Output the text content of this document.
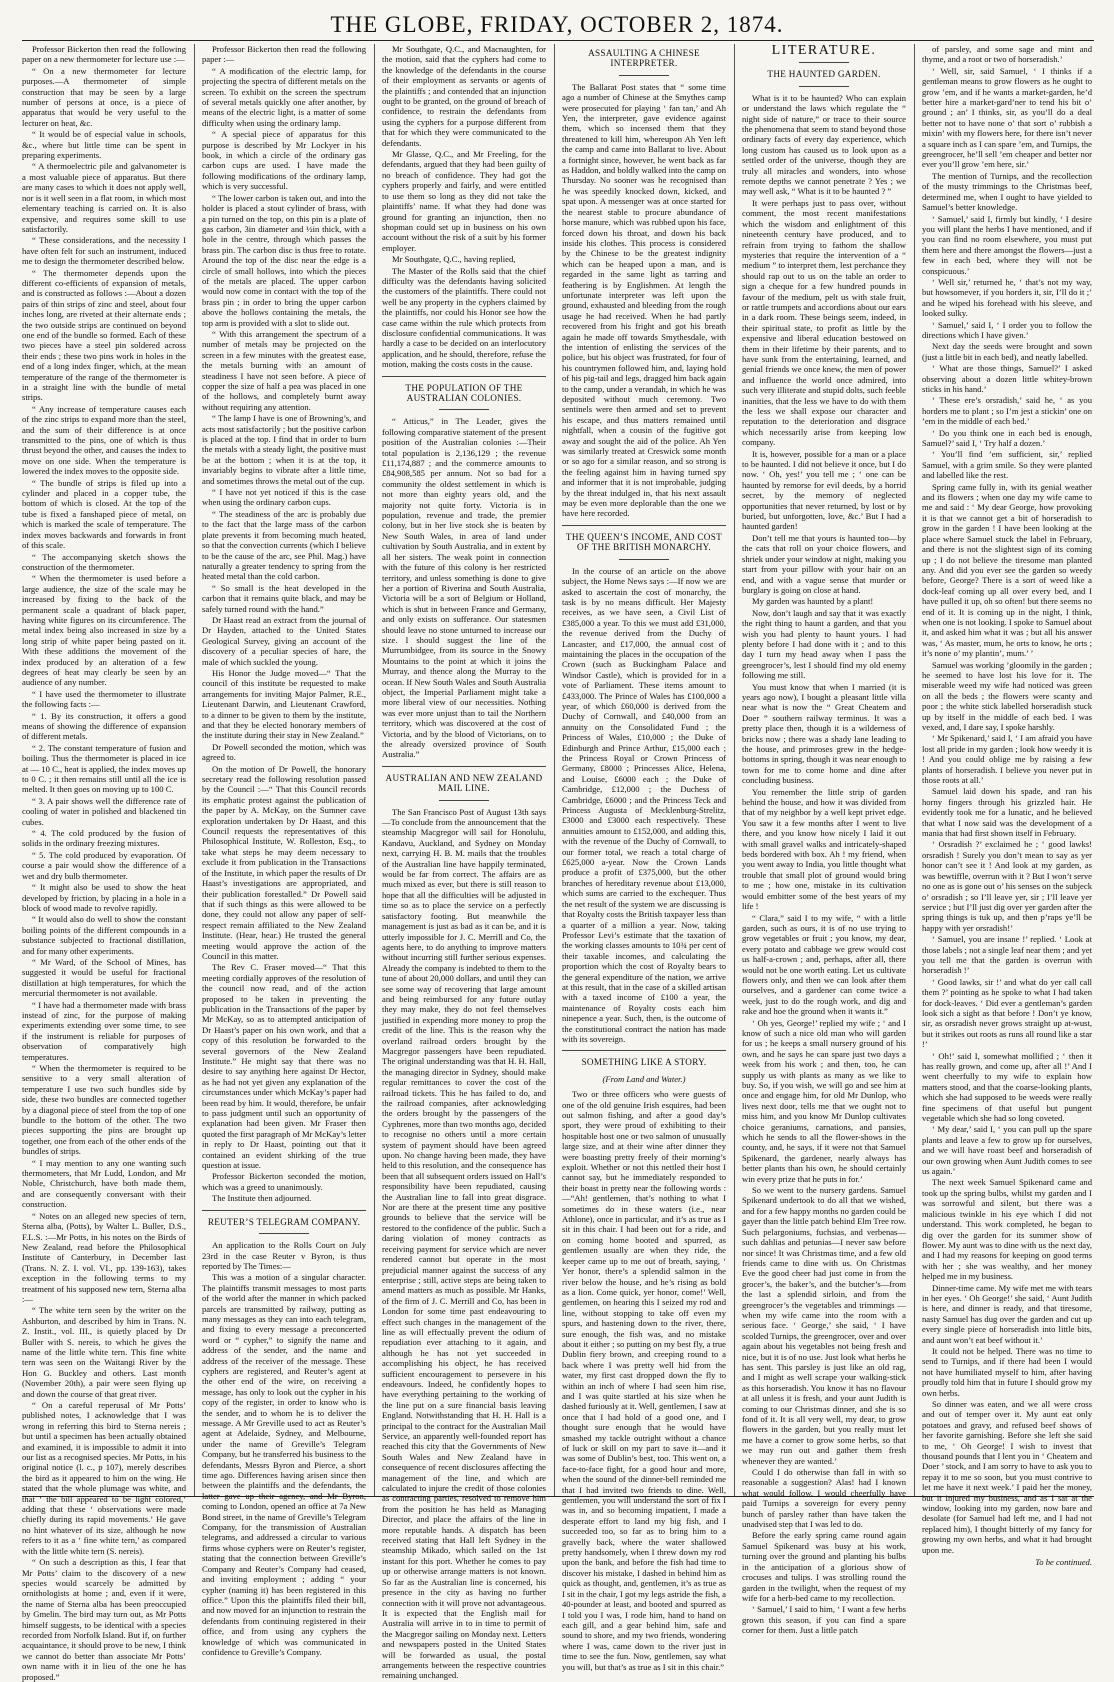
THE GLOBE, FRIDAY, OCTOBER 2, 1874.

Professor Bickerton then read the following paper on a new thermometer for lecture use :—

“ On a new thermometer for lecture purposes.—A thermometer of simple construction that may be seen by a large number of persons at once, is a piece of apparatus that would be very useful to the lecturer on heat, &c.

“ It would be of especial value in schools, &c., where but little time can be spent in preparing experiments.

“ A thermoelectric pile and galvanometer is a most valuable piece of apparatus. But there are many cases to which it does not apply well, nor is it well seen in a flat room, in which most elementary teaching is carried on. It is also expensive, and requires some skill to use satisfactorily.

“ These considerations, and the necessity I have often felt for such an instrument, induced me to design the thermometer described below.

“ The thermometer depends upon the different co-efficients of expansion of metals, and is constructed as follows :—About a dozen pairs of thin strips of zinc and steel, about four inches long, are riveted at their alternate ends ; the two outside strips are continued on beyond one end of the bundle so formed. Each of these two pieces have a steel pin soldered across their ends ; these two pins work in holes in the end of a long index finger, which, at the mean temperature of the range of the thermometer is in a straight line with the bundle of metal strips.

“ Any increase of temperature causes each of the zinc strips to expand more than the steel, and the sum of their difference is at once transmitted to the pins, one of which is thus thrust beyond the other, and causes the index to move on one side. When the temperature is lowered the index moves to the opposite side.

“ The bundle of strips is filed up into a cylinder and placed in a copper tube, the bottom of which is closed. At the top of the tube is fixed a fanshaped piece of metal, on which is marked the scale of temperature. The index moves backwards and forwards in front of this scale.

“ The accompanying sketch shows the construction of the thermometer.

“ When the thermometer is used before a large audience, the size of the scale may be increased by fixing to the back of the permanent scale a quadrant of black paper, having white figures on its circumference. The metal index being also increased in size by a long strip of white paper being pasted on it. With these additions the movement of the index produced by an alteration of a few degrees of heat may clearly be seen by an audience of any number.

“ I have used the thermometer to illustrate the following facts :—

“ 1. By its construction, it offers a good means of showing the difference of expansion of different metals.

“ 2. The constant temperature of fusion and boiling. Thus the thermometer is placed in ice at — 10 C., heat is applied, the index moves up to 0 C. ; it then remains still until all the ice is melted. It then goes on moving up to 100 C.

“ 3. A pair shows well the difference rate of cooling of water in polished and blackened tin cubes.

“ 4. The cold produced by the fusion of solids in the ordinary freezing mixtures.

“ 5. The cold produced by evaporation. Of course a pair would show the difference of a wet and dry bulb thermometer.

“ It might also be used to show the heat developed by friction, by placing in a hole in a block of wood made to revolve rapidly.

“ It would also do well to show the constant boiling points of the different compounds in a substance subjected to fractional distillation, and for many other experiments.

“ Mr Ward, of the School of Mines, has suggested it would be useful for fractional distillation at high temperatures, for which the mercurial thermometer is not available.

“ I have had a thermometer made with brass instead of zinc, for the purpose of making experiments extending over some time, to see if the instrument is reliable for purposes of observation of comparatively high temperatures.

“ When the thermometer is required to be sensitive to a very small alteration of temperature I use two such bundles side by side, these two bundles are connected together by a diagonal piece of steel from the top of one bundle to the bottom of the other. The two pieces supporting the pins are brought up together, one from each of the other ends of the bundles of strips.

“ I may mention to any one wanting such thermometers, that Mr Ludd, London, and Mr Noble, Christchurch, have both made them, and are consequently conversant with their construction.

“ Notes on an alleged new species of tern, Sterna alba, (Potts), by Walter L. Buller, D.S., F.L.S. :—Mr Potts, in his notes on the Birds of New Zealand, read before the Philosophical Institute of Canterbury, in December last (Trans. N. Z. I. vol. VI., pp. 139-163), takes exception in the following terms to my treatment of his supposed new tern, Sterna alba :—

“ The white tern seen by the writer on the Ashburton, and described by him in Trans. N. Z. Instit., vol. III., is quietly placed by Dr Buller with S. nereis, to which he gives the name of the little white tern. This fine white tern was seen on the Waitangi River by the Hon G. Buckley and others. Last month (November 20th), a pair were seen flying up and down the course of that great river.

“ On a careful reperusal of Mr Potts’ published notes, I acknowledge that I was wrong in referring this bird to Sterna nereis ; but until a specimen has been actually obtained and examined, it is impossible to admit it into our list as a recognised species. Mr Potts, in his original notice (l. c., p 107), merely describes the bird as it appeared to him on the wing. He stated that the whole plumage was white, and that ‘ the bill appeared to be light colored,’ adding that these ‘ observations were made chiefly during its rapid movements.’ He gave no hint whatever of its size, although he now refers to it as a ‘ fine white tern,’ as compared with the little white tern (S. nereis).

“ On such a description as this, I fear that Mr Potts’ claim to the discovery of a new species would scarcely be admitted by ornithologists at home ; and, even if it were, the name of Sterna alba has been preoccupied by Gmelin. The bird may turn out, as Mr Potts himself suggests, to be identical with a species recorded from Norfolk Island. But if, on further acquaintance, it should prove to be new, I think we cannot do better than associate Mr Potts’ own name with it in lieu of the one he has proposed.”

Professor Bickerton then read the following paper :—

“ A modification of the electric lamp, for projecting the spectra of different metals on the screen. To exhibit on the screen the spectrum of several metals quickly one after another, by means of the electric light, is a matter of some difficulty when using the ordinary lamp.

“ A special piece of apparatus for this purpose is described by Mr Lockyer in his book, in which a circle of the ordinary gas carbon cups are used. I have made the following modifications of the ordinary lamp, which is very successful.

“ The lower carbon is taken out, and into the holder is placed a stout cylinder of brass, with a pin turned on the top, on this pin is a plate of gas carbon, 3in diameter and ½in thick, with a hole in the centre, through which passes the brass pin. The carbon disc is thus free to rotate. Around the top of the disc near the edge is a circle of small hollows, into which the pieces of the metals are placed. The upper carbon would now come in contact with the top of the brass pin ; in order to bring the upper carbon above the hollows containing the metals, the top arm is provided with a slot to slide out.

“ With this arrangement the spectrum of a number of metals may be projected on the screen in a few minutes with the greatest ease, the metals burning with an amount of steadiness I have not seen before. A piece of copper the size of half a pea was placed in one of the hollows, and completely burnt away without requiring any attention.

“ The lamp I have is one of Browning’s, and acts most satisfactorily ; but the positive carbon is placed at the top. I find that in order to burn the metals with a steady light, the positive must be at the bottom ; when it is at the top, it invariably begins to vibrate after a little time, and sometimes throws the metal out of the cup.

“ I have not yet noticed if this is the case when using the ordinary carbon cups.

“ The steadiness of the arc is probably due to the fact that the large mass of the carbon plate prevents it from becoming much heated, so that the convection currents (which I believe to be the cause of the arc, see Phil. Mag.) have naturally a greater tendency to spring from the heated metal than the cold carbon.

“ So small is the heat developed in the carbon that it remains quite black, and may be safely turned round with the hand.”

Dr Haast read an extract from the journal of Dr Hayden, attached to the United States Geological Survey, giving an account of the discovery of a peculiar species of hare, the male of which suckled the young.

His Honor the Judge moved—“ That the council of this institute be requested to make arrangements for inviting Major Palmer, R.E., Lieutenant Darwin, and Lieutenant Crawford, to a dinner to be given to them by the institute, and that they be elected honorary members of the institute during their stay in New Zealand.”

Dr Powell seconded the motion, which was agreed to.

On the motion of Dr Powell, the honorary secretary read the following resolution passed by the Council :—“ That this Council records its emphatic protest against the publication of the paper by A. McKay, on the Sumner cave exploration undertaken by Dr Haast, and this Council requests the representatives of this Philosophical Institute, W. Rolleston, Esq., to take what steps he may deem necessary to exclude it from publication in the Transactions of the Institute, in which paper the results of Dr Haast’s investigations are appropriated, and their publication forestalled.” Dr Powell said that if such things as this were allowed to be done, they could not allow any paper of self-respect remain affiliated to the New Zealand Institute. (Hear, hear.) He trusted the general meeting would approve the action of the Council in this matter.

The Rev C. Fraser moved—“ That this meeting cordially approves of the resolution of the council now read, and of the action proposed to be taken in preventing the publication in the Transactions of the paper by Mr McKay, so as to attempted anticipation of Dr Haast’s paper on his own work, and that a copy of this resolution be forwarded to the several governors of the New Zealand Institute.” He might say that there was no desire to say anything here against Dr Hector, as he had not yet given any explanation of the circumstances under which McKay’s paper had been read by him. It would, therefore, be unfair to pass judgment until such an opportunity of explanation had been given. Mr Fraser then quoted the first paragraph of Mr McKay’s letter in reply to Dr Haast, pointing out that it contained an evident shirking of the true question at issue.

Professor Bickerton seconded the motion, which was a greed to unanimously.

The Institute then adjourned.

REUTER’S TELEGRAM COMPANY.

An application to the Rolls Court on July 23rd in the case Reuter v Byron, is thus reported by The Times:—

This was a motion of a singular character. The plaintiffs transmit messages to most parts of the world after the manner in which packed parcels are transmitted by railway, putting as many messages as they can into each telegram, and fixing to every message a preconcerted word or “ cypher,” to signify the name and address of the sender, and the name and address of the receiver of the message. These cyphers are registered, and Reuter’s agent at the other end of the wire, on receiving a message, has only to look out the cypher in his copy of the register, in order to know who is the sender, and to whom he is to deliver the message. A Mr Greville used to act as Reuter’s agent at Adelaide, Sydney, and Melbourne, under the name of Greville’s Telegram Company, but he transferred his business to the defendants, Messrs Byron and Pierce, a short time ago. Differences having arisen since then between the plaintiffs and the defendants, the latter gave up their agency, and Mr Byron, coming to London, opened an office at 7a New Bond street, in the name of Greville’s Telegram Company, for the transmission of Australian telegrams, and addressed a circular to various firms whose cyphers were on Reuter’s register, stating that the connection between Greville’s Company and Reuter’s Company had ceased, and inviting employment ; adding “ your cypher (naming it) has been registered in this office.” Upon this the plaintiffs filed their bill, and now moved for an injunction to restrain the defendants from continuing registered in their office, and from using any cyphers the knowledge of which was communicated in confidence to Greville’s Company.

Mr Southgate, Q.C., and Macnaughten, for the motion, said that the cyphers had come to the knowledge of the defendants in the course of their employment as servants or agents of the plaintiffs ; and contended that an injunction ought to be granted, on the ground of breach of confidence, to restrain the defendants from using the cyphers for a purpose different from that for which they were communicated to the defendants.

Mr Glasse, Q.C., and Mr Freeling, for the defendants, argued that they had been guilty of no breach of confidence. They had got the cyphers properly and fairly, and were entitled to use them so long as they did not take the plaintiffs’ name. If what they had done was ground for granting an injunction, then no shopman could set up in business on his own account without the risk of a suit by his former employer.

Mr Southgate, Q.C., having replied,

The Master of the Rolls said that the chief difficulty was the defendants having solicited the customers of the plaintiffs. There could not well be any property in the cyphers claimed by the plaintiffs, nor could his Honor see how the case came within the rule which protects from disclosure confidential communications. It was hardly a case to be decided on an interlocutory application, and he should, therefore, refuse the motion, making the costs costs in the cause.

THE POPULATION OF THE AUSTRALIAN COLONIES.

“ Atticus,” in The Leader, gives the following comparative statement of the present position of the Australian colonies :—Their total population is 2,136,129 ; the revenue £11,174,887 ; and the commerce amounts to £84,908,585 per annum. Not so bad for a community the oldest settlement in which is not more than eighty years old, and the majority not quite forty. Victoria is in population, revenue and trade, the premier colony, but in her live stock she is beaten by New South Wales, in area of land under cultivation by South Australia, and in extent by all her sisters. The weak point in connection with the future of this colony is her restricted territory, and unless something is done to give her a portion of Riverina and South Australia, Victoria will be a sort of Belgium or Holland, which is shut in between France and Germany, and only exists on sufferance. Our statesmen should leave no stone unturned to increase our size. I should suggest the line of the Murrumbidgee, from its source in the Snowy Mountains to the point at which it joins the Murray, and thence along the Murray to the ocean. If New South Wales and South Australia object, the Imperial Parliament might take a more liberal view of our necessities. Nothing was ever more unjust than to tail the Northern territory, which was discovered at the cost of Victoria, and by the blood of Victorians, on to the already oversized province of South Australia.”

AUSTRALIAN AND NEW ZEALAND MAIL LINE.

The San Francisco Post of August 13th says—To conclude from the announcement that the steamship Macgregor will sail for Honolulu, Kandavu, Auckland, and Sydney on Monday next, carrying H. B. M. mails that the troubles of the Australian line have happily terminated, would be far from correct. The affairs are as much mixed as ever, but there is still reason to hope that all the difficulties will be adjusted in time so as to place the service on a perfectly satisfactory footing. But meanwhile the management is just as bad as it can be, and it is utterly impossible for J. C. Merrill and Co, the agents here, to do anything to improve matters without incurring still further serious expenses. Already the company is indebted to them to the tune of about 20,000 dollars, and until they can see some way of recovering that large amount and being reimbursed for any future outlay they may make, they do not feel themselves justified in expending more money to prop the credit of the line. This is the reason why the overland railroad orders brought by the Macgregor passengers have been repudiated. The original understanding was that H. H. Hall, the managing director in Sydney, should make regular remittances to cover the cost of the railroad tickets. This he has failed to do, and the railroad companies, after acknowledging the orders brought by the passengers of the Cyphrenes, more than two months ago, decided to recognise no others until a more certain system of payment should have been agreed upon. No change having been made, they have held to this resolution, and the consequence has been that all subsequent orders issued on Hall’s responsibility have been repudiated, causing the Australian line to fall into great disgrace. Nor are there at the present time any positive grounds to believe that the service will be restored to the confidence of the public. Such a daring violation of money contracts as receiving payment for service which are never rendered cannot but operate in the most prejudicial manner against the success of any enterprise ; still, active steps are being taken to amend matters as much as possible. Mr Hanks, of the firm of J. C. Merrill and Co, has been in London for some time past endeavouring to effect such changes in the management of the line as will effectually prevent the odium of repudiation ever attaching to it again, and although he has not yet succeeded in accomplishing his object, he has received sufficient encouragement to persevere in his endeavours. Indeed, he confidently hopes to have everything pertaining to the working of the line put on a sure financial basis leaving England. Notwithstanding that H. H. Hall is a principal to the contract for the Australian Mail Service, an apparently well-founded report has reached this city that the Governments of New South Wales and New Zealand have in consequence of recent disclosures affecting the management of the line, and which are calculated to injure the credit of those colonies as contracting parties, resolved to remove him from the position he has held as Managing Director, and place the affairs of the line in more reputable hands. A dispatch has been received stating that Hall left Sydney in the steamship Mikado, which sailed on the 1st instant for this port. Whether he comes to pay up or otherwise arrange matters is not known. So far as the Australian line is concerned, his presence in the city as having no further connection with it will prove not advantageous. It is expected that the English mail for Australia will arrive in to in time to permit of the Macgregor sailing on Monday next. Letters and newspapers posted in the United States will be forwarded as usual, the postal arrangements between the respective countries remaining unchanged.

ASSAULTING A CHINESE INTERPRETER.

The Ballarat Post states that “ some time ago a number of Chinese at the Smythes camp were prosecuted for playing ‘ fan tan,’ and Ah Yen, the interpreter, gave evidence against them, which so incensed them that they threatened to kill him, whereupon Ah Yen left the camp and came into Ballarat to live. About a fortnight since, however, he went back as far as Haddon, and boldly walked into the camp on Thursday. No sooner was he recognised than he was speedily knocked down, kicked, and spat upon. A messenger was at once started for the nearest stable to procure abundance of horse manure, which was rubbed upon his face, forced down his throat, and down his back inside his clothes. This process is considered by the Chinese to be the greatest indignity which can be heaped upon a man, and is regarded in the same light as tarring and feathering is by Englishmen. At length the unfortunate interpreter was left upon the ground, exhausted and bleeding from the rough usage he had received. When he had partly recovered from his fright and got his breath again he made off towards Smythesdale, with the intention of enlisting the services of the police, but his object was frustrated, for four of his countrymen followed him, and, laying hold of his pig-tail and legs, dragged him back again to the camp, under a verandah, in which he was deposited without much ceremony. Two sentinels were then armed and set to prevent his escape, and thus matters remained until nightfall, when a cousin of the fugitive got away and sought the aid of the police. Ah Yen was similarly treated at Creswick some month or so ago for a similar reason, and so strong is the feeling against him in having turned spy and informer that it is not improbable, judging by the threat indulged in, that his next assault may be even more deplorable than the one we have here recorded.

THE QUEEN’S INCOME, AND COST OF THE BRITISH MONARCHY.

In the course of an article on the above subject, the Home News says :—If now we are asked to ascertain the cost of monarchy, the task is by no means difficult. Her Majesty receives, as we have seen, a Civil List of £385,000 a year. To this we must add £31,000, the revenue derived from the Duchy of Lancaster, and £17,000, the annual cost of maintaining the places in the occupation of the Crown (such as Buckingham Palace and Windsor Castle), which is provided for in a vote of Parliament. These items amount to £433,000. The Prince of Wales has £100,000 a year, of which £60,000 is derived from the Duchy of Cornwall, and £40,000 from an annuity on the Consolidated Fund ; the Princess of Wales, £10,000 ; the Duke of Edinburgh and Prince Arthur, £15,000 each ; the Princess Royal or Crown Princess of Germany, £8000 ; Princesses Alice, Helena, and Louise, £6000 each ; the Duke of Cambridge, £12,000 ; the Duchess of Cambridge, £6000 ; and the Princess Teck and Princess Augusta of Mecklenburg-Strelitz, £3000 and £3000 each respectively. These annuities amount to £152,000, and adding this, with the revenue of the Duchy of Cornwall, to our former total, we reach a total charge of £625,000 a-year. Now the Crown Lands produce a profit of £375,000, but the other branches of hereditary revenue about £13,000, which sums are carried to the exchequer. Thus the net result of the system we are discussing is that Royalty costs the British taxpayer less than a quarter of a million a year. Now, taking Professor Levi’s estimate that the taxation of the working classes amounts to 10¾ per cent of their taxable incomes, and calculating the proportion which the cost of Royalty bears to the general expenditure of the nation, we arrive at this result, that in the case of a skilled artisan with a taxed income of £100 a year, the maintenance of Royalty costs each him ninepence a year. Such, then, is the outcome of the constitutional contract the nation has made with its sovereign.

SOMETHING LIKE A STORY.
(From Land and Water.)

Two or three officers who were guests of one of the old genuine Irish esquires, had been out salmon fishing, and after a good day’s sport, they were proud of exhibiting to their hospitable host one or two salmon of unusually large size, and at their wine after dinner they were boasting pretty freely of their morning’s exploit. Whether or not this nettled their host I cannot say, but he immediately responded to their boast in pretty near the following words :—“Ah! gentlemen, that’s nothing to what I sometimes do in these waters (i.e., near Athlone), once in particular, and it’s as true as I sit in this chair. I had been out for a ride, and on coming home booted and spurred, as gentlemen usually are when they ride, the keeper came up to me out of breath, saying, ‘ Yer honor, there’s a splendid salmon in the river below the house, and he’s rising as bold as a lion. Come quick, yer honor, come!’ Well, gentlemen, on hearing this I seized my rod and line, without stopping to take off even my spurs, and hastening down to the river, there, sure enough, the fish was, and no mistake about it either ; so putting on my best fly, a true Dublin fiery brown, and creeping round to a back where I was pretty well hid from the water, my first cast dropped down the fly to within an inch of where I had seen him rise, and I was quite startled at his size when he dashed furiously at it. Well, gentlemen, I saw at once that I had hold of a good one, and I thought sure enough that he would have smashed my tackle outright without a chance of luck or skill on my part to save it—and it was some of Dublin’s best, too. This went on, a face-to-face fight, for a good hour and more, when the sound of the dinner-bell reminded me that I had invited two friends to dine. Well, gentlemen, you will understand the sort of fix I was in, and so becoming impatient, I made a desperate effort to land my big fish, and I succeeded too, so far as to bring him to a gravelly back, where the water shallowed pretty handsomely, when I threw down my rod upon the bank, and before the fish had time to discover his mistake, I dashed in behind him as quick as thought, and, gentlemen, it’s as true as I sit in the chair, I got my legs astride the fish, a 40-pounder at least, and booted and spurred as I told you I was, I rode him, hand to hand on each gill, and a gear behind him, safe and sound to shore, and my two friends, wondering where I was, came down to the river just in time to see the fun. Now, gentlemen, say what you will, but that’s as true as I sit in this chair.”

LITERATURE.
THE HAUNTED GARDEN.

What is it to be haunted? Who can explain or understand the laws which regulate the “ night side of nature,” or trace to their source the phenomena that seem to stand beyond those ordinary facts of every day experience, which long custom has caused us to look upon as a settled order of the universe, though they are truly all miracles and wonders, into whose remote depths we cannot penetrate ? Yes ; we may well ask, “ What is it to be haunted ? ”

It were perhaps just to pass over, without comment, the most recent manifestations which the wisdom and enlightment of this nineteenth century have produced, and to refrain from trying to fathom the shallow mysteries that require the intervention of a “ medium ” to interpret them, lest perchance they should rap out to us on the table an order to sign a cheque for a few hundred pounds in favour of the medium, pelt us with stale fruit, or rattle trumpets and accordions about our ears in a dark room. These beings seem, indeed, in their spiritual state, to profit as little by the expensive and liberal education bestowed on them in their lifetime by their parents, and to have sunk from the entertaining, learned, and genial friends we once knew, the men of power and influence the world once admired, into such very illiterate and stupid dolts, such feeble inanities, that the less we have to do with them the less we shall expose our character and reputation to the deterioration and disgrace which necessarily arise from keeping low company.

It is, however, possible for a man or a place to be haunted. I did not believe it once, but I do now. ‘ Oh, yes!’ you tell me ; ‘ one can be haunted by remorse for evil deeds, by a horrid secret, by the memory of neglected opportunities that never returned, by lost or by buried, but unforgotten, love, &c.’ But I had a haunted garden!

Don’t tell me that yours is haunted too—by the cats that roll on your choice flowers, and shriek under your window at night, making you start from your pillow with your hair on an end, and with a vague sense that murder or burglary is going on close at hand.

My garden was haunted by a plant!

Now, don’t laugh and say that it was exactly the right thing to haunt a garden, and that you wish you had plenty to haunt yours. I had plenty before I had done with it ; and to this day I turn my head away when I pass the greengrocer’s, lest I should find my old enemy following me still.

You must know that when I married (it is years ago now), I bought a pleasant little villa near what is now the “ Great Cheatem and Doer ” southern railway terminus. It was a pretty place then, though it is a wilderness of bricks now ; there was a shady lane leading to the house, and primroses grew in the hedge-bottoms in spring, though it was near enough to town for me to come home and dine after concluding business.

You remember the little strip of garden behind the house, and how it was divided from that of my neighbor by a well kept privet edge. You saw it a few months after I went to live there, and you know how nicely I laid it out with small gravel walks and intricately-shaped beds bordered with box. Ah ! my friend, when you went away to India, you little thought what trouble that small plot of ground would bring to me ; how one, mistake in its cultivation would embitter some of the best years of my life !

“ Clara,” said I to my wife, “ with a little garden, such as ours, it is of no use trying to grow vegetables or fruit ; you know, my dear, every potato and cabbage we grew would cost us half-a-crown ; and, perhaps, after all, there would not be one worth eating. Let us cultivate flowers only, and then we can look after them ourselves, and a gardener can come twice a week, just to do the rough work, and dig and rake and hoe the ground when it wants it.”

‘ Oh yes, George!’ replied my wife ; ‘ and I know of such a nice old man who will garden for us ; he keeps a small nursery ground of his own, and he says he can spare just two days a week from his work ; and then, too, he can supply us with plants as many as we like to buy. So, if you wish, we will go and see him at once and engage him, for old Mr Dunlop, who lives next door, tells me that we ought not to miss him, and you know Mr Dunlop cultivates choice geraniums, carnations, and pansies, which he sends to all the flower-shows in the county, and, he says, if it were not that Samuel Spikenard, the gardener, nearly always has better plants than his own, he should certainly win every prize that he puts in for.’

So we went to the nursery gardens. Samuel Spikenard undertook to do all that we wished, and for a few happy months no garden could be gayer than the little patch behind Elm Tree row. Such pelargoniums, fuchsias, and verbenas—such dahlias and petunias—I never saw before nor since! It was Christmas time, and a few old friends came to dine with us. On Christmas Eve the good cheer had just come in from the grocer’s, the baker’s, and the butcher’s—from the last a splendid sirloin, and from the greengrocer’s the vegetables and trimmings —when my wife came into the room with a serious face. ‘ George,’ she said, ‘ I have scolded Turnips, the greengrocer, over and over again about his vegetables not being fresh and nice, but it is of no use. Just look what herbs he has sent. This parsley is just like an old rag, and I might as well scrape your walking-stick as this horseradish. You know it has no flavour at all unless it is fresh, and your aunt Judith is coming to our Christmas dinner, and she is so fond of it. It is all very well, my dear, to grow flowers in the garden, but you really must let me have a corner to grow some herbs, so that we may run out and gather them fresh whenever they are wanted.’

Could I do otherwise than fall in with so reasonable a suggestion? Alas! had I known what would follow, I would cheerfully have paid Turnips a sovereign for every penny bunch of parsley rather than have taken the unadvised step that I was led to do.

Before the early spring came round again Samuel Spikenard was busy at his work, turning over the ground and planting his bulbs in the anticipation of a glorious show of crocuses and tulips. I was strolling round the garden in the twilight, when the request of my wife for a herb-bed came to my recollection.

‘ Samuel,’ I said to him, ‘ I want a few herbs grown this season, if you can find a spare corner for them. Just a little patch

of parsley, and some sage and mint and thyme, and a root or two of horseradish.’

‘ Well, sir, said Samuel, ‘ I thinks if a gentleman means to grow flowers as he ought to grow ’em, and if he wants a market-garden, he’d better hire a market-gard’ner to tend his bit o’ ground ; an’ I thinks, sir, as you’ll do a deal better not to have none o’ that sort o’ rubbish a mixin’ with my flowers here, for there isn’t never a square inch as I can spare ’em, and Turnips, the greengrocer, he’ll sell ’em cheaper and better nor ever you’ll grow ’em here, sir.’

The mention of Turnips, and the recollection of the musty trimmings to the Christmas beef, determined me, when I ought to have yielded to Samuel’s better knowledge.

‘ Samuel,’ said I, firmly but kindly, ‘ I desire you will plant the herbs I have mentioned, and if you can find no room elsewhere, you must put them here and there amongst the flowers—just a few in each bed, where they will not be conspicuous.’

‘ Well sir,’ returned he, ‘ that’s not my way, but howsomever, if you horders it, sir, I’ll do it ;’ and he wiped his forehead with his sleeve, and looked sulky.

‘ Samuel,’ said I, ‘ I order you to follow the directions which I have given.’

Next day the seeds were brought and sown (just a little bit in each bed), and neatly labelled.

‘ What are those things, Samuel?’ I asked observing about a dozen little whitey-brown sticks in his hand.’

‘ These ere’s orsradish,’ said he, ‘ as you horders me to plant ; so I’m jest a stickin’ one on ’em in the middle of each bed.’

‘ Do you think one in each bed is enough, Samuel?’ said I, ‘ Try half a dozen.’

‘ You’ll find ’em sufficient, sir,’ replied Samuel, with a grim smile. So they were planted and labelled like the rest.

Spring came fully in, with its genial weather and its flowers ; when one day my wife came to me and said : ‘ My dear George, how provoking it is that we cannot get a bit of horseradish to grow in the garden ! I have been looking at the place where Samuel stuck the label in February, and there is not the slightest sign of its coming up ; I do not believe the tiresome man planted any. And did you ever see the garden so weedy before, George? There is a sort of weed like a dock-leaf coming up all over every bed, and I have pulled it up, oh so often! but there seems no end of it. It is coming up in the night, I think, when one is not looking. I spoke to Samuel about it, and asked him what it was ; but all his answer was, ‘ As master, mum, he orts to know, he orts ; it’s none o’ my plantin’, mum.’ ’

Samuel was working ’gloomily in the garden ; he seemed to have lost his love for it. The miserable weed my wife had noticed was green on all the beds ; the flowers were scanty and poor ; the white stick labelled horseradish stuck up by itself in the middle of each bed. I was vexed, and, I dare say, I spoke harshly.

‘ Mr Spikenard,’ said I, ‘ I am afraid you have lost all pride in my garden ; look how weedy it is ! And you could oblige me by raising a few plants of horseradish. I believe you never put in those roots at all.’

Samuel laid down his spade, and ran his horny fingers through his grizzled hair. He evidently took me for a lunatic, and he believed that what I now said was the development of a mania that had first shown itself in February.

‘ Orsradish ?’ exclaimed he ; ‘ good lawks! orsradish ! Surely you don’t mean to say as yer honor can’t see it ! And look at my garden, as was bewtiffle, overrun with it ? But I won’t serve no one as is gone out o’ his senses on the subjeck o’ orsradish ; so I’ll leave yer, sir ; I’ll leave yer service ; but I’ll just dig over yer garden after the spring things is tuk up, and then p’raps ye’ll be happy with yer orsradish!’

‘ Samuel, you are insane !’ replied. ‘ Look at those labels ; not a single leaf near them ; and yet you tell me that the garden is overrun with horseradish !’

‘ Good lawks, sir !’ and what do yer call call them ?’ pointing as he spoke to what I had taken for dock-leaves. ‘ Did ever a gentleman’s garden look sich a sight as that before ! Don’t ye know, sir, as orsradish never grows straight up at-wust, but it strikes out roots as runs all round like a star !’

‘ Oh!’ said I, somewhat mollified ; ‘ then it has really grown, and come up, after all !’ And I went cheerfully to my wife to explain how matters stood, and that the coarse-looking plants, which she had supposed to be weeds were really fine specimens of that useful but pungent vegetable which she had so long coveted.

‘ My dear,’ said I, ‘ you can pull up the spare plants and leave a few to grow up for ourselves, and we will have roast beef and horseradish of our own growing when Aunt Judith comes to see us again.’

The next week Samuel Spikenard came and took up the spring bulbs, whilst my garden and I was sorrowful and silent, but there was a malicious twinkle in his eye which I did not understand. This work completed, he began to dig over the garden for its summer show of flower. My aunt was to dine with us the next day, and I had my reasons for keeping on good terms with her ; she was wealthy, and her money helped me in my business.

Dinner-time came. My wife met me with tears in her eyes. ‘ Oh George!’ she said, ‘ Aunt Judith is here, and dinner is ready, and that tiresome, nasty Samuel has dug over the garden and cut up every single piece of horseradish into little bits, and aunt won’t eat beef without it.’

It could not be helped. There was no time to send to Turnips, and if there had been I would not have humiliated myself to him, after having proudly told him that in future I should grow my own herbs.

So dinner was eaten, and we all were cross and out of temper over it. My aunt eat only potatoes and gravy, and refused beef shows of her favorite garnishing. Before she left she said to me, ‘ Oh George! I wish to invest that thousand pounds that I lent you in ‘ Cheatem and Doer ’ stock, and I am sorry to have to ask you to repay it to me so soon, but you must contrive to let me have it next week.’ I paid her the money, but it injured my business, and as I sat at the window, looking into my garden, now bare and desolate (for Samuel had left me, and I had not replaced him), I thought bitterly of my fancy for growing my own herbs, and what it had brought upon me.

To be continued.
